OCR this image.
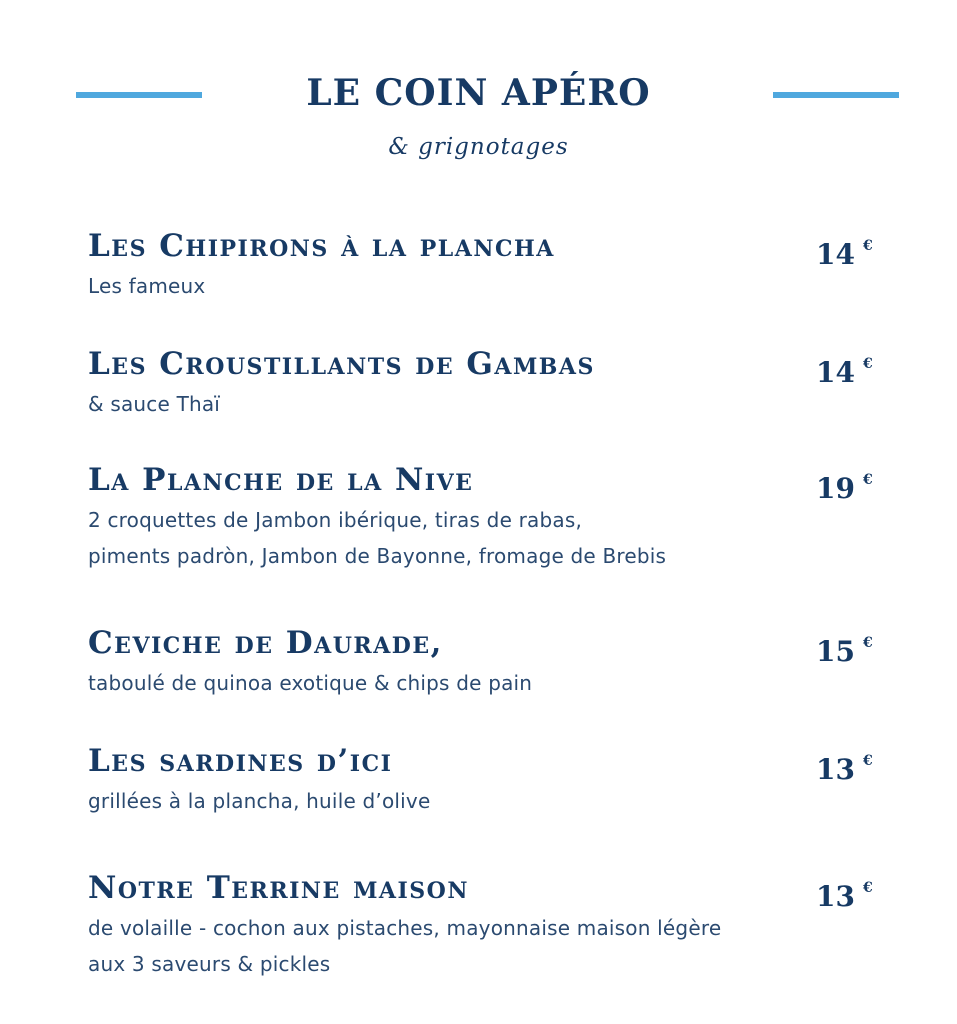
LE COIN APÉRO
& grignotages
Les Chipirons à la plancha	14 €
Les fameux
Les Croustillants de Gambas	14 €
& sauce Thaï
La Planche de la Nive	19 €
2 croquettes de Jambon ibérique, tiras de rabas,
piments padròn, Jambon de Bayonne, fromage de Brebis
Ceviche de Daurade,	15 €
taboulé de quinoa exotique & chips de pain
Les sardines d’ici	13 €
grillées à la plancha, huile d’olive
Notre Terrine maison	13 €
de volaille - cochon aux pistaches, mayonnaise maison légère
aux 3 saveurs & pickles
